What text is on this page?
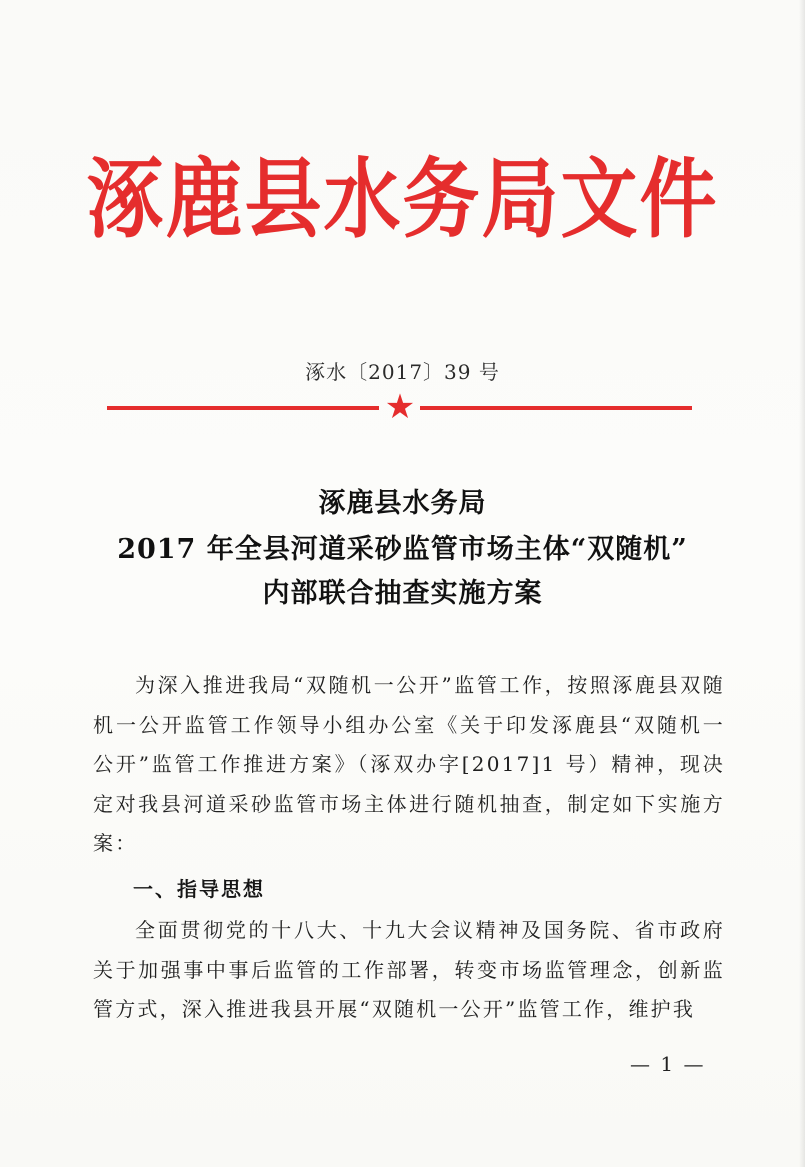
涿鹿县水务局文件
涿水〔2017〕39 号
★
涿鹿县水务局
2017 年全县河道采砂监管市场主体“双随机”
内部联合抽查实施方案
为深入推进我局“双随机一公开”监管工作，按照涿鹿县双随机一公开监管工作领导小组办公室《关于印发涿鹿县“双随机一公开”监管工作推进方案》（涿双办字[2017]1 号）精神，现决定对我县河道采砂监管市场主体进行随机抽查，制定如下实施方案：
一、指导思想
全面贯彻党的十八大、十九大会议精神及国务院、省市政府关于加强事中事后监管的工作部署，转变市场监管理念，创新监管方式，深入推进我县开展“双随机一公开”监管工作，维护我
— 1 —
